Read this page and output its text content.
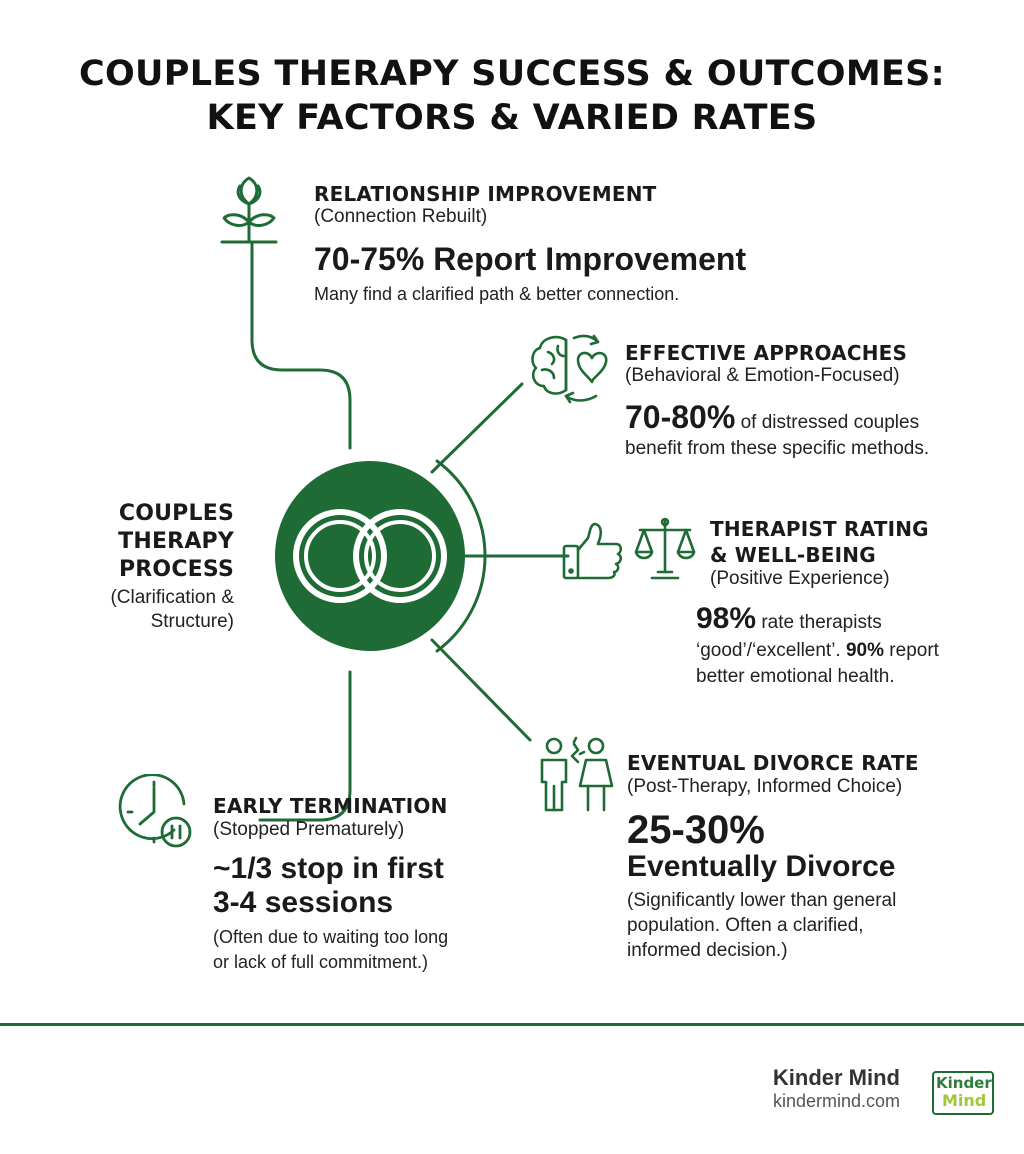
COUPLES THERAPY SUCCESS & OUTCOMES:
KEY FACTORS & VARIED RATES
RELATIONSHIP IMPROVEMENT
(Connection Rebuilt)
70-75% Report Improvement
Many find a clarified path & better connection.
EFFECTIVE APPROACHES
(Behavioral & Emotion-Focused)
70-80% of distressed couples
benefit from these specific methods.
COUPLES
THERAPY
PROCESS
(Clarification &
Structure)
THERAPIST RATING
& WELL-BEING
(Positive Experience)
98% rate therapists
‘good’/‘excellent’. 90% report
better emotional health.
EVENTUAL DIVORCE RATE
(Post-Therapy, Informed Choice)
25-30%
Eventually Divorce
(Significantly lower than general
population. Often a clarified,
informed decision.)
EARLY TERMINATION
(Stopped Prematurely)
~1/3 stop in first
3-4 sessions
(Often due to waiting too long
or lack of full commitment.)
Kinder Mind
kindermind.com
Kinder
Mind
